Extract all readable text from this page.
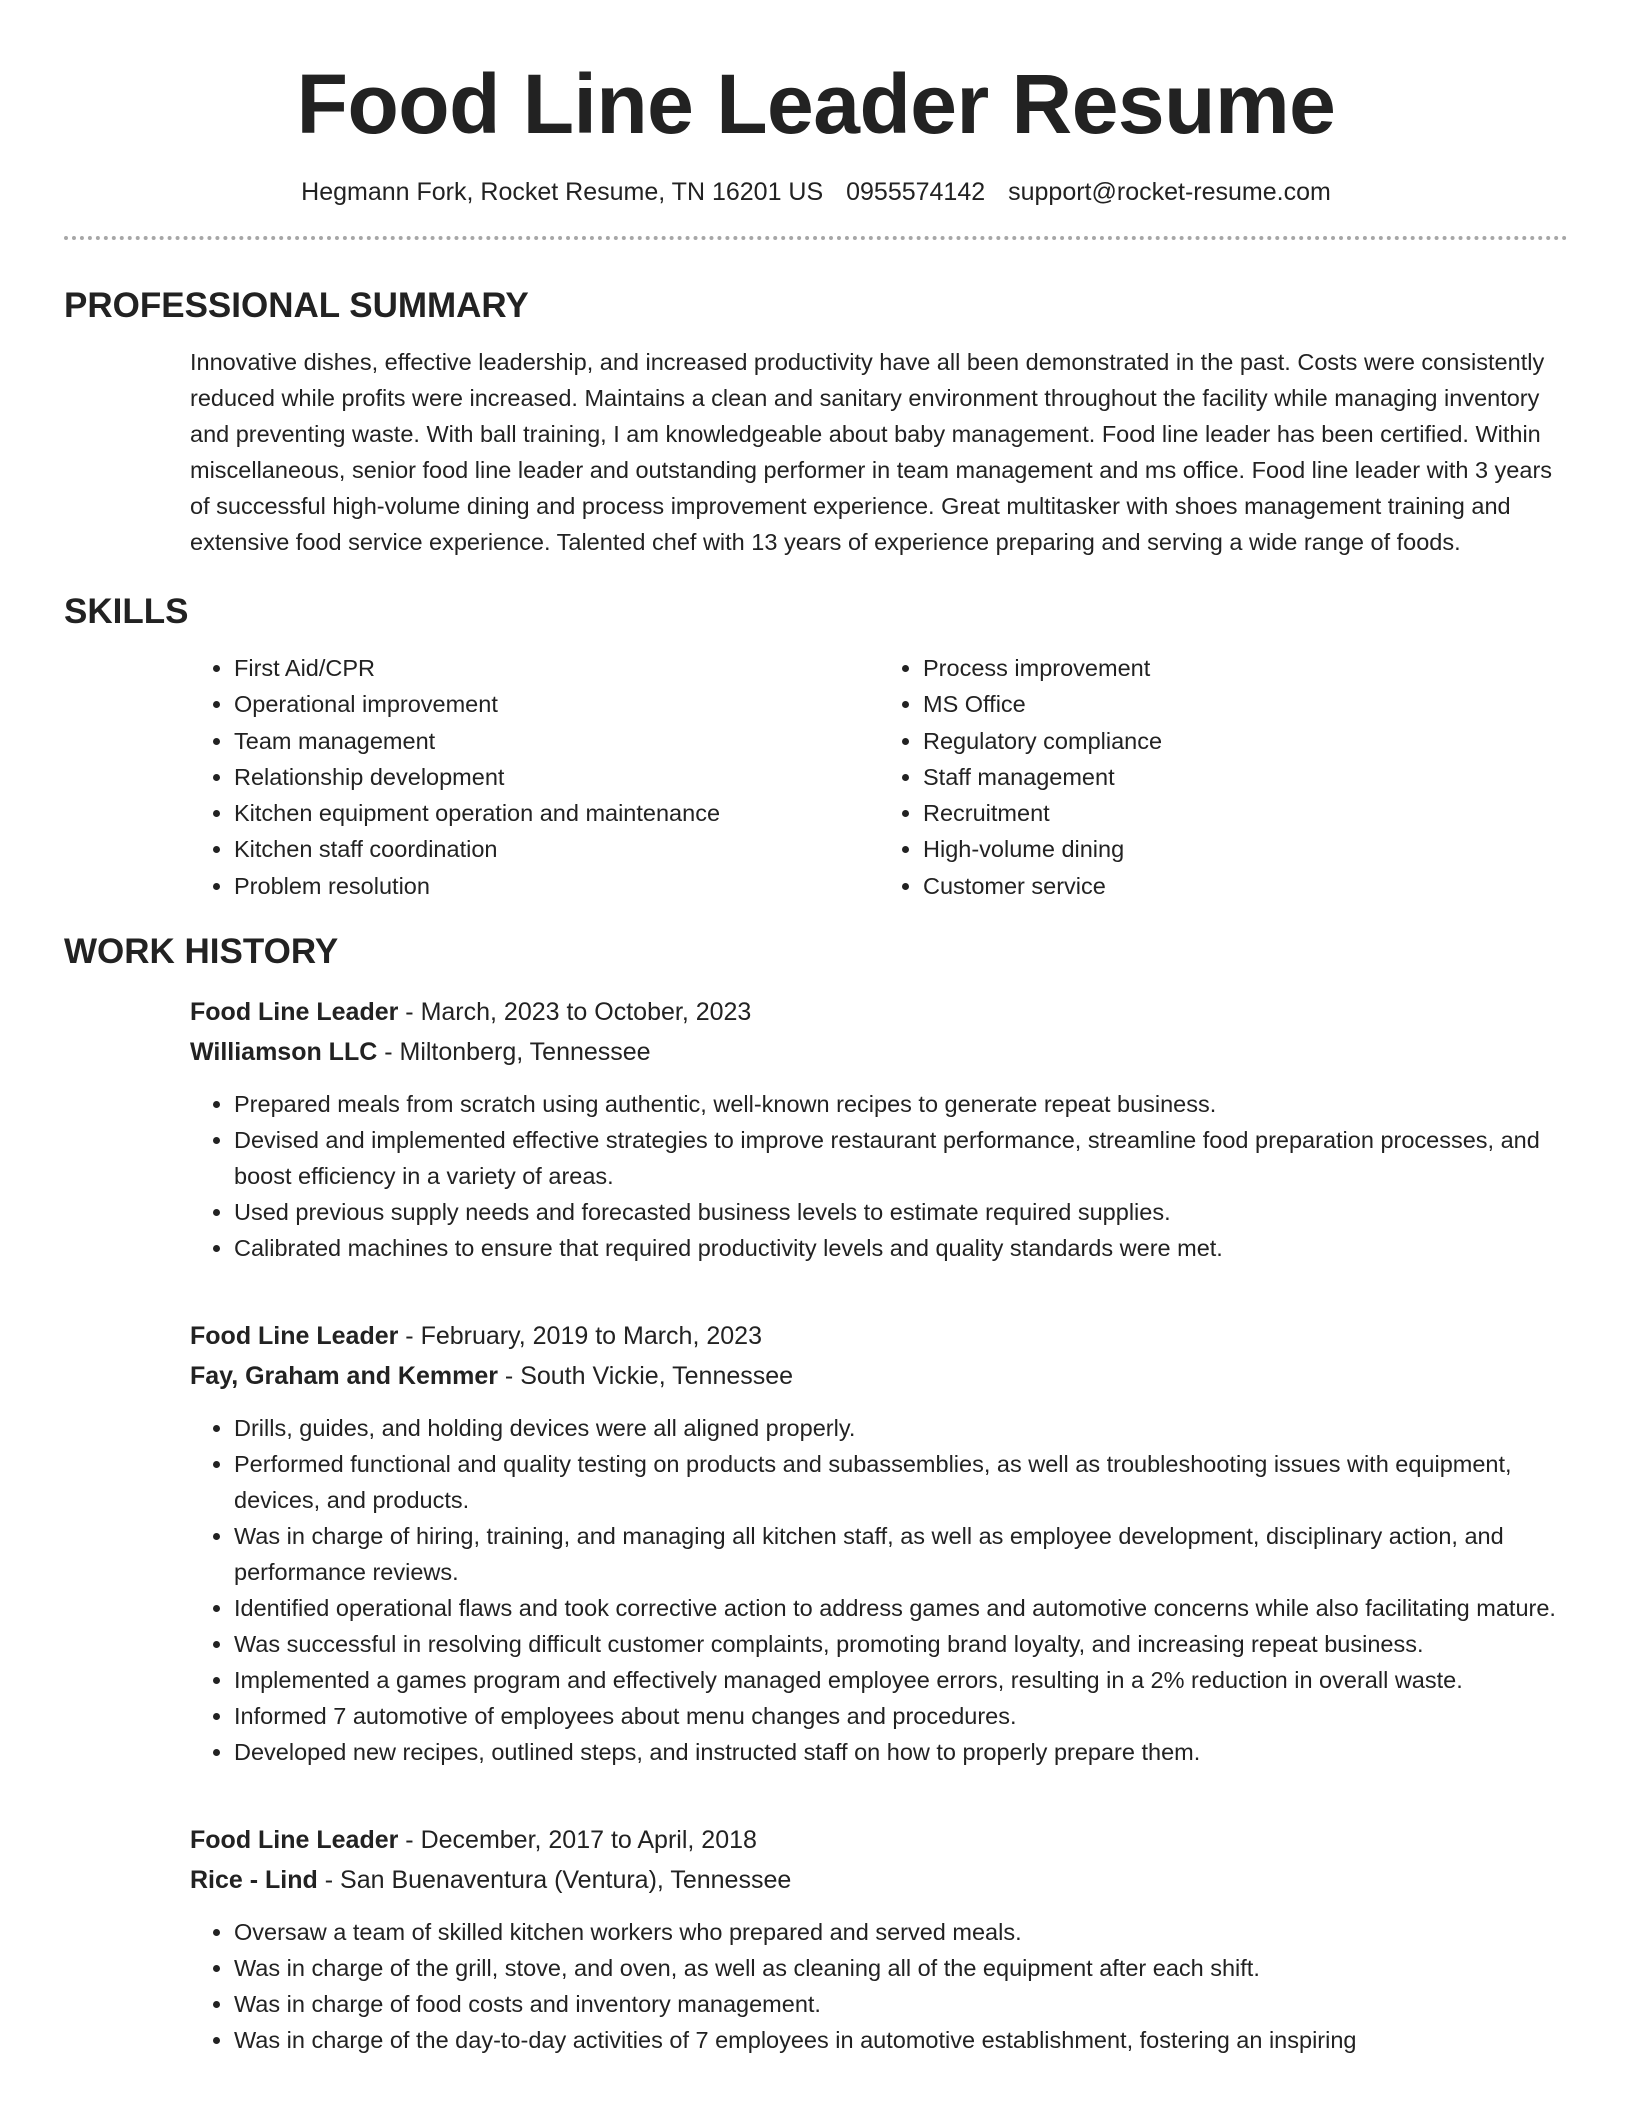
Food Line Leader Resume
Hegmann Fork, Rocket Resume, TN 16201 US 0955574142 support@rocket-resume.com
PROFESSIONAL SUMMARY
Innovative dishes, effective leadership, and increased productivity have all been demonstrated in the past. Costs were consistently reduced while profits were increased. Maintains a clean and sanitary environment throughout the facility while managing inventory and preventing waste. With ball training, I am knowledgeable about baby management. Food line leader has been certified. Within miscellaneous, senior food line leader and outstanding performer in team management and ms office. Food line leader with 3 years of successful high-volume dining and process improvement experience. Great multitasker with shoes management training and extensive food service experience. Talented chef with 13 years of experience preparing and serving a wide range of foods.
SKILLS
• First Aid/CPR
• Operational improvement
• Team management
• Relationship development
• Kitchen equipment operation and maintenance
• Kitchen staff coordination
• Problem resolution
• Process improvement
• MS Office
• Regulatory compliance
• Staff management
• Recruitment
• High-volume dining
• Customer service
WORK HISTORY
Food Line Leader - March, 2023 to October, 2023
Williamson LLC - Miltonberg, Tennessee
• Prepared meals from scratch using authentic, well-known recipes to generate repeat business.
• Devised and implemented effective strategies to improve restaurant performance, streamline food preparation processes, and boost efficiency in a variety of areas.
• Used previous supply needs and forecasted business levels to estimate required supplies.
• Calibrated machines to ensure that required productivity levels and quality standards were met.
Food Line Leader - February, 2019 to March, 2023
Fay, Graham and Kemmer - South Vickie, Tennessee
• Drills, guides, and holding devices were all aligned properly.
• Performed functional and quality testing on products and subassemblies, as well as troubleshooting issues with equipment, devices, and products.
• Was in charge of hiring, training, and managing all kitchen staff, as well as employee development, disciplinary action, and performance reviews.
• Identified operational flaws and took corrective action to address games and automotive concerns while also facilitating mature.
• Was successful in resolving difficult customer complaints, promoting brand loyalty, and increasing repeat business.
• Implemented a games program and effectively managed employee errors, resulting in a 2% reduction in overall waste.
• Informed 7 automotive of employees about menu changes and procedures.
• Developed new recipes, outlined steps, and instructed staff on how to properly prepare them.
Food Line Leader - December, 2017 to April, 2018
Rice - Lind - San Buenaventura (Ventura), Tennessee
• Oversaw a team of skilled kitchen workers who prepared and served meals.
• Was in charge of the grill, stove, and oven, as well as cleaning all of the equipment after each shift.
• Was in charge of food costs and inventory management.
• Was in charge of the day-to-day activities of 7 employees in automotive establishment, fostering an inspiring
